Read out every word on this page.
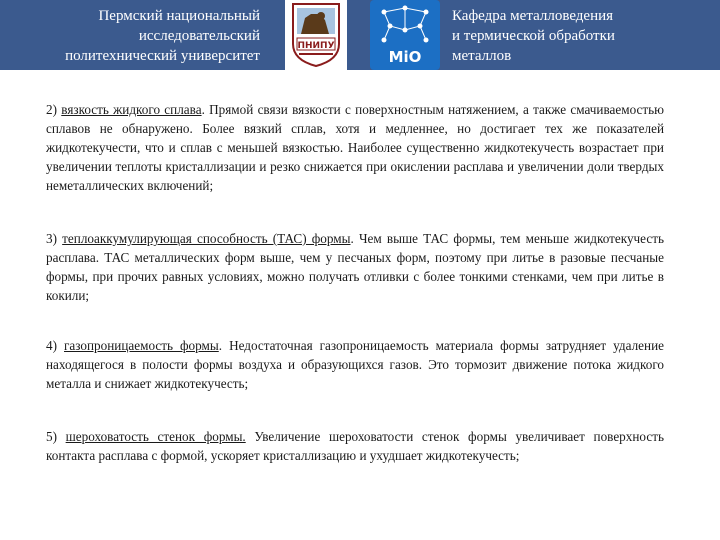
Пермский национальный
исследовательский
политехнический университет
ПНИПУ
МiO
Кафедра металловедения
и термической обработки
металлов

2) вязкость жидкого сплава. Прямой связи вязкости с поверхностным натяжением, а также смачиваемостью сплавов не обнаружено. Более вязкий сплав, хотя и медленнее, но достигает тех же показателей жидкотекучести, что и сплав с меньшей вязкостью. Наиболее существенно жидкотекучесть возрастает при увеличении теплоты кристаллизации и резко снижается при окислении расплава и увеличении доли твердых неметаллических включений;

3) теплоаккумулирующая способность (ТАС) формы. Чем выше ТАС формы, тем меньше жидкотекучесть расплава. ТАС металлических форм выше, чем у песчаных форм, поэтому при литье в разовые песчаные формы, при прочих равных условиях, можно получать отливки с более тонкими стенками, чем при литье в кокили;

4) газопроницаемость формы. Недостаточная газопроницаемость материала формы затрудняет удаление находящегося в полости формы воздуха и образующихся газов. Это тормозит движение потока жидкого металла и снижает жидкотекучесть;

5) шероховатость стенок формы. Увеличение шероховатости стенок формы увеличивает поверхность контакта расплава с формой, ускоряет кристаллизацию и ухудшает жидкотекучесть;
